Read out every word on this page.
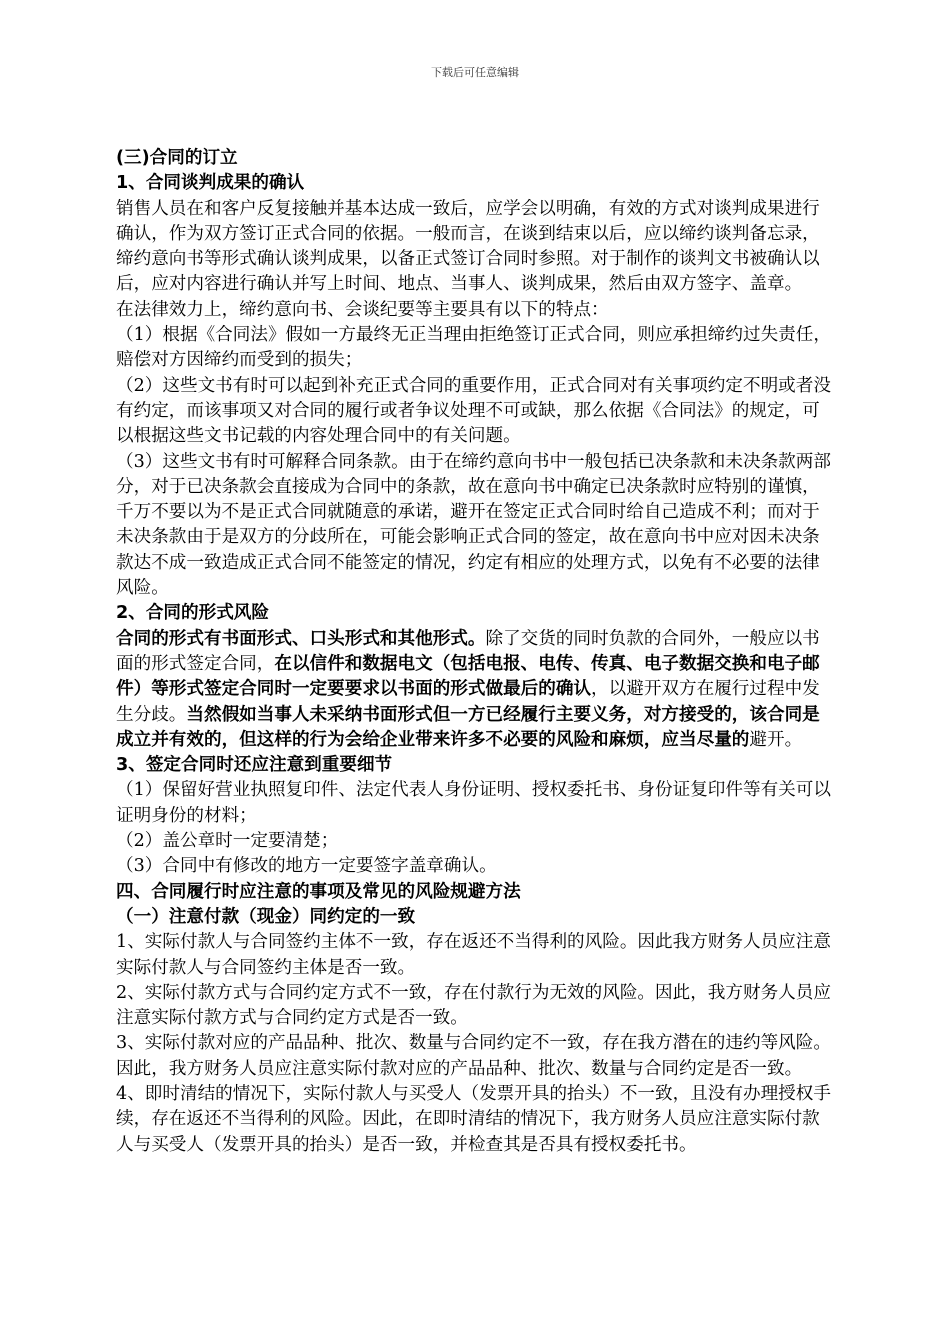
下载后可任意编辑

(三)合同的订立

1、合同谈判成果的确认

销售人员在和客户反复接触并基本达成一致后，应学会以明确，有效的方式对谈判成果进行确认，作为双方签订正式合同的依据。一般而言，在谈到结束以后，应以缔约谈判备忘录，缔约意向书等形式确认谈判成果，以备正式签订合同时参照。对于制作的谈判文书被确认以后，应对内容进行确认并写上时间、地点、当事人、谈判成果，然后由双方签字、盖章。

在法律效力上，缔约意向书、会谈纪要等主要具有以下的特点：

（1）根据《合同法》假如一方最终无正当理由拒绝签订正式合同，则应承担缔约过失责任，赔偿对方因缔约而受到的损失；

（2）这些文书有时可以起到补充正式合同的重要作用，正式合同对有关事项约定不明或者没有约定，而该事项又对合同的履行或者争议处理不可或缺，那么依据《合同法》的规定，可以根据这些文书记载的内容处理合同中的有关问题。

（3）这些文书有时可解释合同条款。由于在缔约意向书中一般包括已决条款和未决条款两部分，对于已决条款会直接成为合同中的条款，故在意向书中确定已决条款时应特别的谨慎，千万不要以为不是正式合同就随意的承诺，避开在签定正式合同时给自己造成不利；而对于未决条款由于是双方的分歧所在，可能会影响正式合同的签定，故在意向书中应对因未决条款达不成一致造成正式合同不能签定的情况，约定有相应的处理方式，以免有不必要的法律风险。

2、合同的形式风险

合同的形式有书面形式、口头形式和其他形式。除了交货的同时负款的合同外，一般应以书面的形式签定合同，在以信件和数据电文（包括电报、电传、传真、电子数据交换和电子邮件）等形式签定合同时一定要要求以书面的形式做最后的确认，以避开双方在履行过程中发生分歧。当然假如当事人未采纳书面形式但一方已经履行主要义务，对方接受的，该合同是成立并有效的，但这样的行为会给企业带来许多不必要的风险和麻烦，应当尽量的避开。

3、签定合同时还应注意到重要细节

（1）保留好营业执照复印件、法定代表人身份证明、授权委托书、身份证复印件等有关可以证明身份的材料；

（2）盖公章时一定要清楚；

（3）合同中有修改的地方一定要签字盖章确认。

四、合同履行时应注意的事项及常见的风险规避方法

（一）注意付款（现金）同约定的一致

1、实际付款人与合同签约主体不一致，存在返还不当得利的风险。因此我方财务人员应注意实际付款人与合同签约主体是否一致。

2、实际付款方式与合同约定方式不一致，存在付款行为无效的风险。因此，我方财务人员应注意实际付款方式与合同约定方式是否一致。

3、实际付款对应的产品品种、批次、数量与合同约定不一致，存在我方潜在的违约等风险。因此，我方财务人员应注意实际付款对应的产品品种、批次、数量与合同约定是否一致。

4、即时清结的情况下，实际付款人与买受人（发票开具的抬头）不一致，且没有办理授权手续，存在返还不当得利的风险。因此，在即时清结的情况下，我方财务人员应注意实际付款人与买受人（发票开具的抬头）是否一致，并检查其是否具有授权委托书。
